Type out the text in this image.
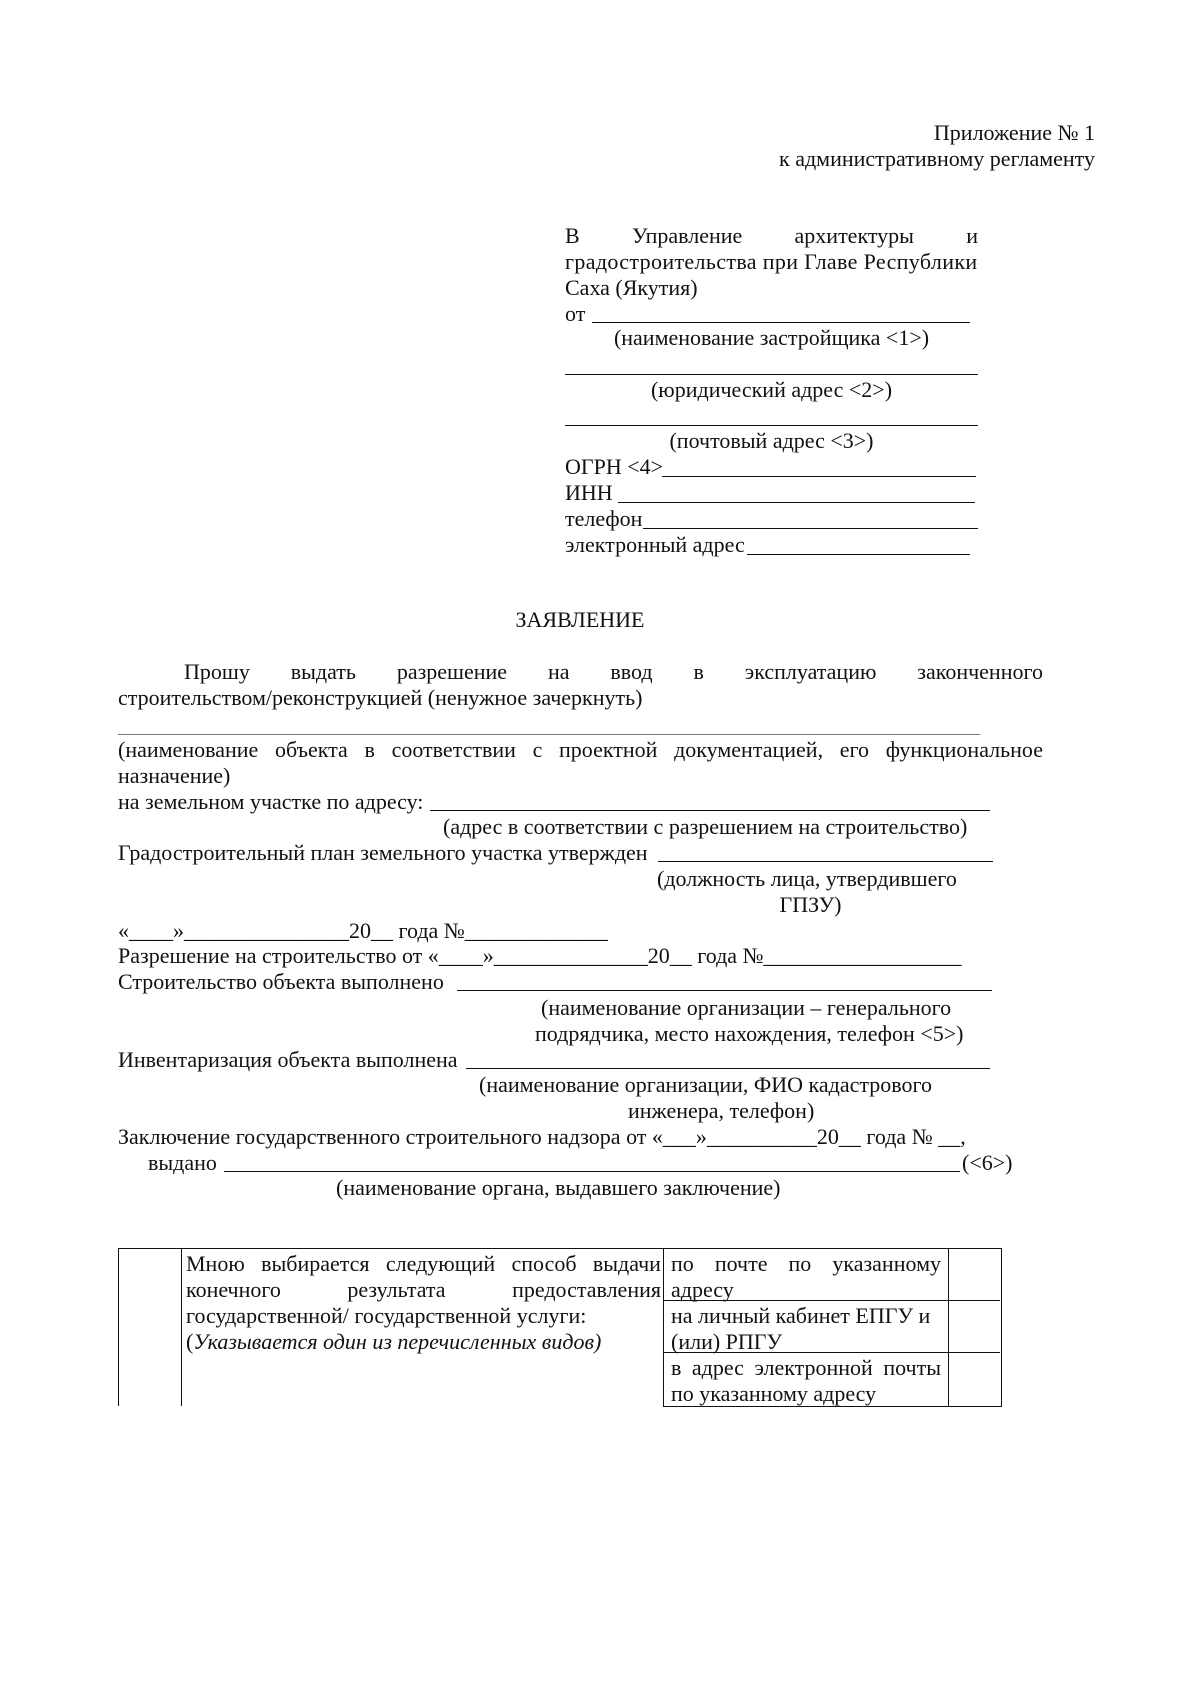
Приложение № 1
к административному регламенту
В Управление архитектуры и
градостроительства при Главе Республики
Саха (Якутия)
от
(наименование застройщика <1>)
(юридический адрес <2>)
(почтовый адрес <3>)
ОГРН <4>
ИНН
телефон
электронный адрес
ЗАЯВЛЕНИЕ
Прошу выдать разрешение на ввод в эксплуатацию законченного
строительством/реконструкцией (ненужное зачеркнуть)
(наименование объекта в соответствии с проектной документацией, его функциональное
назначение)
на земельном участке по адресу:
(адрес в соответствии с разрешением на строительство)
Градостроительный план земельного участка утвержден
(должность лица, утвердившего
ГПЗУ)
«____»_______________20__ года №_____________
Разрешение на строительство от «____»______________20__ года №__________________
Строительство объекта выполнено
(наименование организации – генерального
подрядчика, место нахождения, телефон <5>)
Инвентаризация объекта выполнена
(наименование организации, ФИО кадастрового
инженера, телефон)
Заключение государственного строительного надзора от «___»__________20__ года № __,
выдано	(<6>)
(наименование органа, выдавшего заключение)
Мною выбирается следующий способ выдачи
конечного	результата	предоставления
государственной/ государственной услуги:
(Указывается один из перечисленных видов)
по почте по указанному
адресу
на личный кабинет ЕПГУ и
(или) РПГУ
в адрес электронной почты
по указанному адресу
